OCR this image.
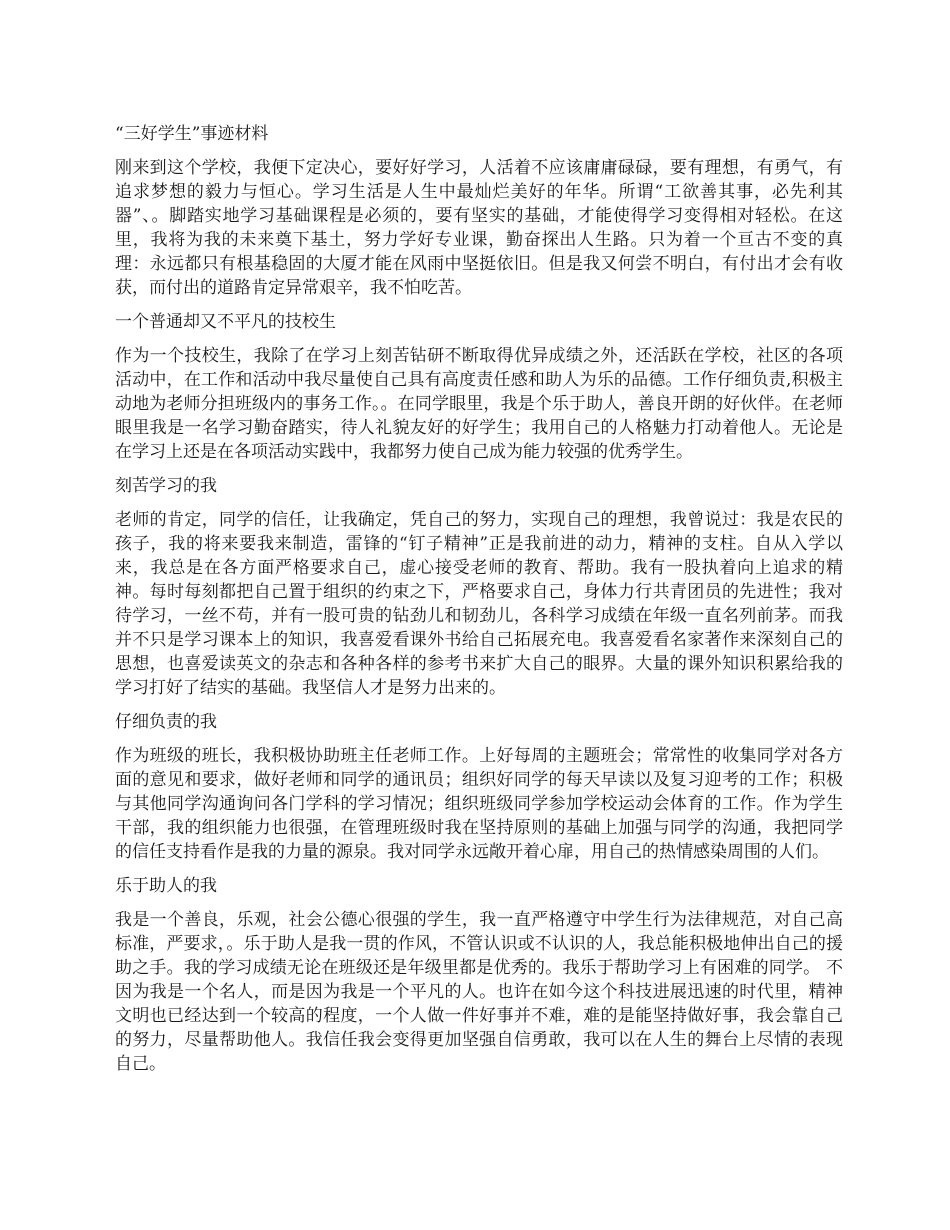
“三好学生”事迹材料

刚来到这个学校，我便下定决心，要好好学习，人活着不应该庸庸碌碌，要有理想，有勇气，有追求梦想的毅力与恒心。学习生活是人生中最灿烂美好的年华。所谓“工欲善其事，必先利其器”、。脚踏实地学习基础课程是必须的，要有坚实的基础，才能使得学习变得相对轻松。在这里，我将为我的未来奠下基土，努力学好专业课，勤奋探出人生路。只为着一个亘古不变的真理：永远都只有根基稳固的大厦才能在风雨中坚挺依旧。但是我又何尝不明白，有付出才会有收获，而付出的道路肯定异常艰辛，我不怕吃苦。

一个普通却又不平凡的技校生

作为一个技校生，我除了在学习上刻苦钻研不断取得优异成绩之外，还活跃在学校，社区的各项活动中，在工作和活动中我尽量使自己具有高度责任感和助人为乐的品德。工作仔细负责,积极主动地为老师分担班级内的事务工作。。在同学眼里，我是个乐于助人，善良开朗的好伙伴。在老师眼里我是一名学习勤奋踏实，待人礼貌友好的好学生；我用自己的人格魅力打动着他人。无论是在学习上还是在各项活动实践中，我都努力使自己成为能力较强的优秀学生。

刻苦学习的我

老师的肯定，同学的信任，让我确定，凭自己的努力，实现自己的理想，我曾说过：我是农民的孩子，我的将来要我来制造，雷锋的“钉子精神”正是我前进的动力，精神的支柱。自从入学以来，我总是在各方面严格要求自己，虚心接受老师的教育、帮助。我有一股执着向上追求的精神。每时每刻都把自己置于组织的约束之下，严格要求自己，身体力行共青团员的先进性；我对待学习，一丝不苟，并有一股可贵的钻劲儿和韧劲儿，各科学习成绩在年级一直名列前茅。而我并不只是学习课本上的知识，我喜爱看课外书给自己拓展充电。我喜爱看名家著作来深刻自己的思想，也喜爱读英文的杂志和各种各样的参考书来扩大自己的眼界。大量的课外知识积累给我的学习打好了结实的基础。我坚信人才是努力出来的。

仔细负责的我

作为班级的班长，我积极协助班主任老师工作。上好每周的主题班会；常常性的收集同学对各方面的意见和要求，做好老师和同学的通讯员；组织好同学的每天早读以及复习迎考的工作；积极与其他同学沟通询问各门学科的学习情况；组织班级同学参加学校运动会体育的工作。作为学生干部，我的组织能力也很强，在管理班级时我在坚持原则的基础上加强与同学的沟通，我把同学的信任支持看作是我的力量的源泉。我对同学永远敞开着心扉，用自己的热情感染周围的人们。

乐于助人的我

我是一个善良，乐观，社会公德心很强的学生，我一直严格遵守中学生行为法律规范，对自己高标准，严要求，。乐于助人是我一贯的作风，不管认识或不认识的人，我总能积极地伸出自己的援助之手。我的学习成绩无论在班级还是年级里都是优秀的。我乐于帮助学习上有困难的同学。 不因为我是一个名人，而是因为我是一个平凡的人。也许在如今这个科技进展迅速的时代里，精神文明也已经达到一个较高的程度，一个人做一件好事并不难，难的是能坚持做好事，我会靠自己的努力，尽量帮助他人。我信任我会变得更加坚强自信勇敢，我可以在人生的舞台上尽情的表现自己。
